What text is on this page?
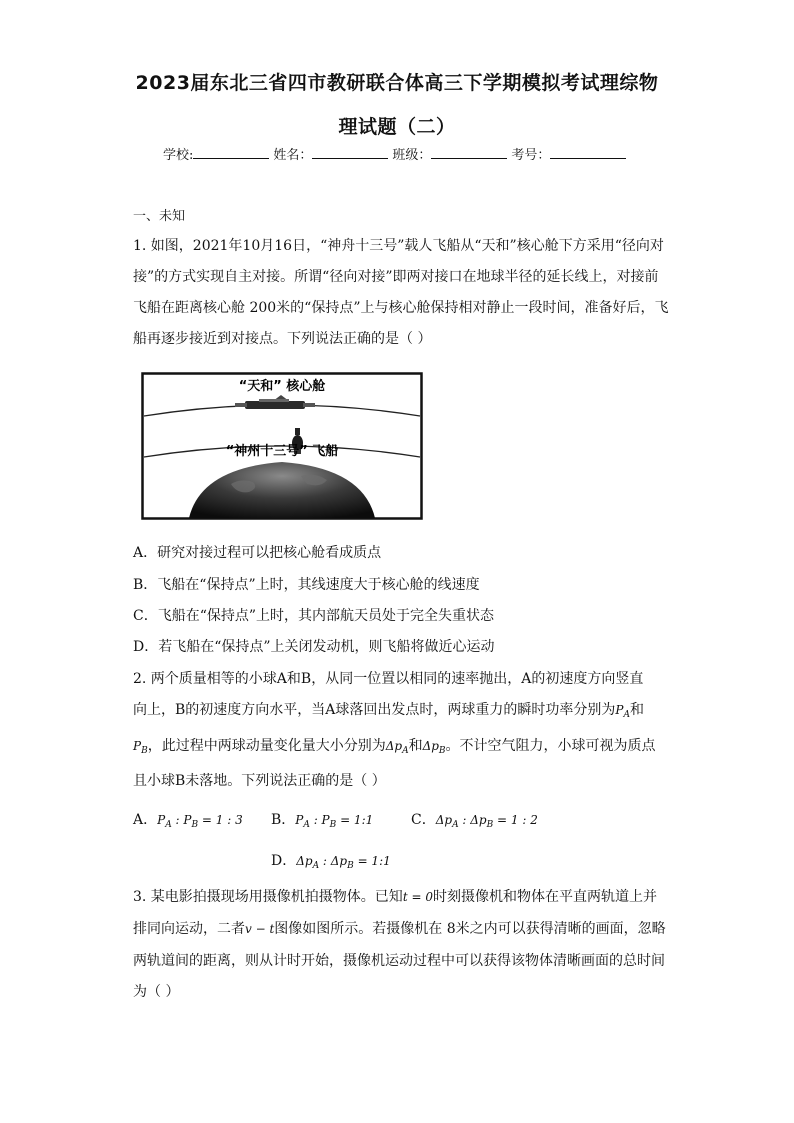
2023届东北三省四市教研联合体高三下学期模拟考试理综物
理试题（二）
学校:	姓名：	班级：	考号：
一、未知
1. 如图，2021年10月16日，“神舟十三号”载人飞船从“天和”核心舱下方采用“径向对
接”的方式实现自主对接。所谓“径向对接”即两对接口在地球半径的延长线上，对接前
飞船在距离核心舱 200米的“保持点”上与核心舱保持相对静止一段时间，准备好后，飞
船再逐步接近到对接点。下列说法正确的是（ ）
“天和” 核心舱
“神州十三号” 飞船
A．研究对接过程可以把核心舱看成质点
B．飞船在“保持点”上时，其线速度大于核心舱的线速度
C．飞船在“保持点”上时，其内部航天员处于完全失重状态
D．若飞船在“保持点”上关闭发动机，则飞船将做近心运动
2. 两个质量相等的小球A和B，从同一位置以相同的速率抛出，A的初速度方向竖直
向上，B的初速度方向水平，当A球落回出发点时，两球重力的瞬时功率分别为$P_A$和
$P_B$，此过程中两球动量变化量大小分别为$\Delta p_A$和$\Delta p_B$。不计空气阻力，小球可视为质点
且小球B未落地。下列说法正确的是（ ）
A．$P_A$ : $P_B = 1$ : 3 B．$P_A$ : $P_B$ = 1:1	C．$\Delta p_A$ : $\Delta p_B = 1$ : 2
D．$\Delta p_A$ : $\Delta p_B$ = 1:1
3. 某电影拍摄现场用摄像机拍摄物体。已知t = 0时刻摄像机和物体在平直两轨道上并
排同向运动，二者v − t图像如图所示。若摄像机在 8米之内可以获得清晰的画面，忽略
两轨道间的距离，则从计时开始，摄像机运动过程中可以获得该物体清晰画面的总时间
为（ ）
